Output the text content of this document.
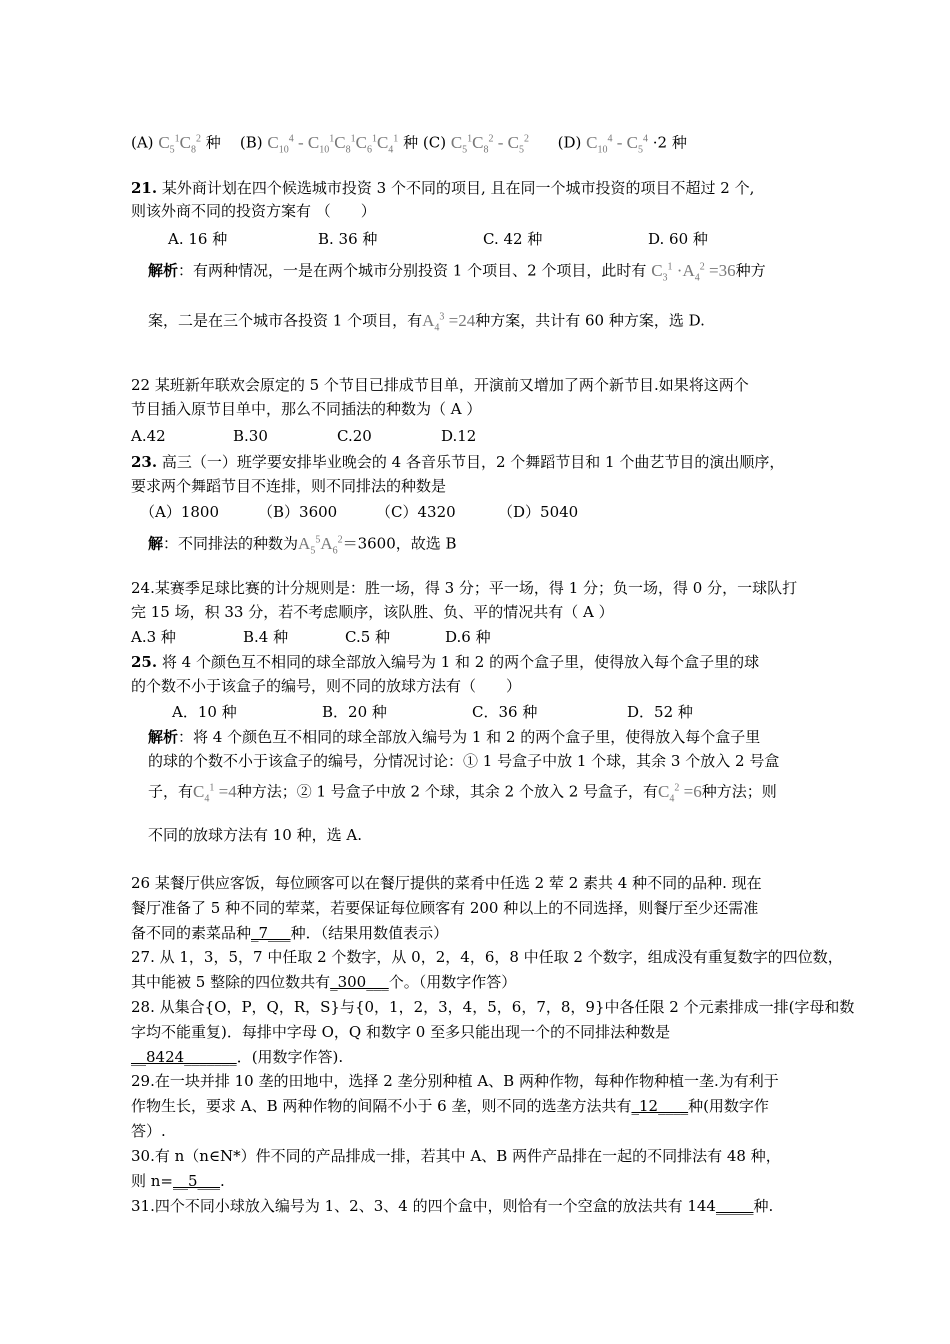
(A) $C_5^1C_8^2$ 种 (B) $C_{10}^4 - C_{10}^1C_8^1C_6^1C_4^1$ 种 (C) $C_5^1C_8^2 - C_5^2$ (D) $C_{10}^4 - C_5^4 \cdot 2$ 种
21. 某外商计划在四个候选城市投资 3 个不同的项目, 且在同一个城市投资的项目不超过 2 个,
则该外商不同的投资方案有 （　　）
A. 16 种	B. 36 种	C. 42 种	D. 60 种
解析：有两种情况，一是在两个城市分别投资 1 个项目、2 个项目，此时有 $C_3^1 \cdot A_4^2 =36$种方
案，二是在三个城市各投资 1 个项目，有$A_4^3 =24$种方案，共计有 60 种方案，选 D.
22 某班新年联欢会原定的 5 个节目已排成节目单，开演前又增加了两个新节目.如果将这两个
节目插入原节目单中，那么不同插法的种数为（ A ）
A.42	B.30	C.20	D.12
23. 高三（一）班学要安排毕业晚会的 4 各音乐节目，2 个舞蹈节目和 1 个曲艺节目的演出顺序，
要求两个舞蹈节目不连排，则不同排法的种数是
（A）1800	（B）3600	（C）4320	（D）5040
解：不同排法的种数为$A_5^5A_6^2=3600$，故选 B
24.某赛季足球比赛的计分规则是：胜一场，得 3 分；平一场，得 1 分；负一场，得 0 分，一球队打
完 15 场，积 33 分，若不考虑顺序，该队胜、负、平的情况共有（ A ）
A.3 种	B.4 种	C.5 种	D.6 种
25. 将 4 个颜色互不相同的球全部放入编号为 1 和 2 的两个盒子里，使得放入每个盒子里的球
的个数不小于该盒子的编号，则不同的放球方法有（　　）
A．10 种	B．20 种	C．36 种	D．52 种
解析：将 4 个颜色互不相同的球全部放入编号为 1 和 2 的两个盒子里，使得放入每个盒子里
的球的个数不小于该盒子的编号，分情况讨论：① 1 号盒子中放 1 个球，其余 3 个放入 2 号盒
子，有$C_4^1 =4$种方法；② 1 号盒子中放 2 个球，其余 2 个放入 2 号盒子，有$C_4^2 =6$种方法；则
不同的放球方法有 10 种，选 A.
26 某餐厅供应客饭，每位顾客可以在餐厅提供的菜肴中任选 2 荤 2 素共 4 种不同的品种. 现在
餐厅准备了 5 种不同的荤菜，若要保证每位顾客有 200 种以上的不同选择，则餐厅至少还需准
备不同的素菜品种_7___种．（结果用数值表示）
27. 从 1，3，5，7 中任取 2 个数字，从 0，2，4，6，8 中任取 2 个数字，组成没有重复数字的四位数，
其中能被 5 整除的四位数共有_300___个。（用数字作答）
28. 从集合{O，P，Q，R，S}与{0，1，2，3，4，5，6，7，8，9}中各任限 2 个元素排成一排(字母和数
字均不能重复)．每排中字母 O，Q 和数字 0 至多只能出现一个的不同排法种数是
__8424_______．(用数字作答).
29.在一块并排 10 垄的田地中，选择 2 垄分别种植 A、B 两种作物，每种作物种植一垄.为有利于
作物生长，要求 A、B 两种作物的间隔不小于 6 垄，则不同的选垄方法共有_12____种(用数字作
答）.
30.有 n（n∈N*）件不同的产品排成一排，若其中 A、B 两件产品排在一起的不同排法有 48 种，
则 n=__5___.
31.四个不同小球放入编号为 1、2、3、4 的四个盒中，则恰有一个空盒的放法共有 144_____种.
